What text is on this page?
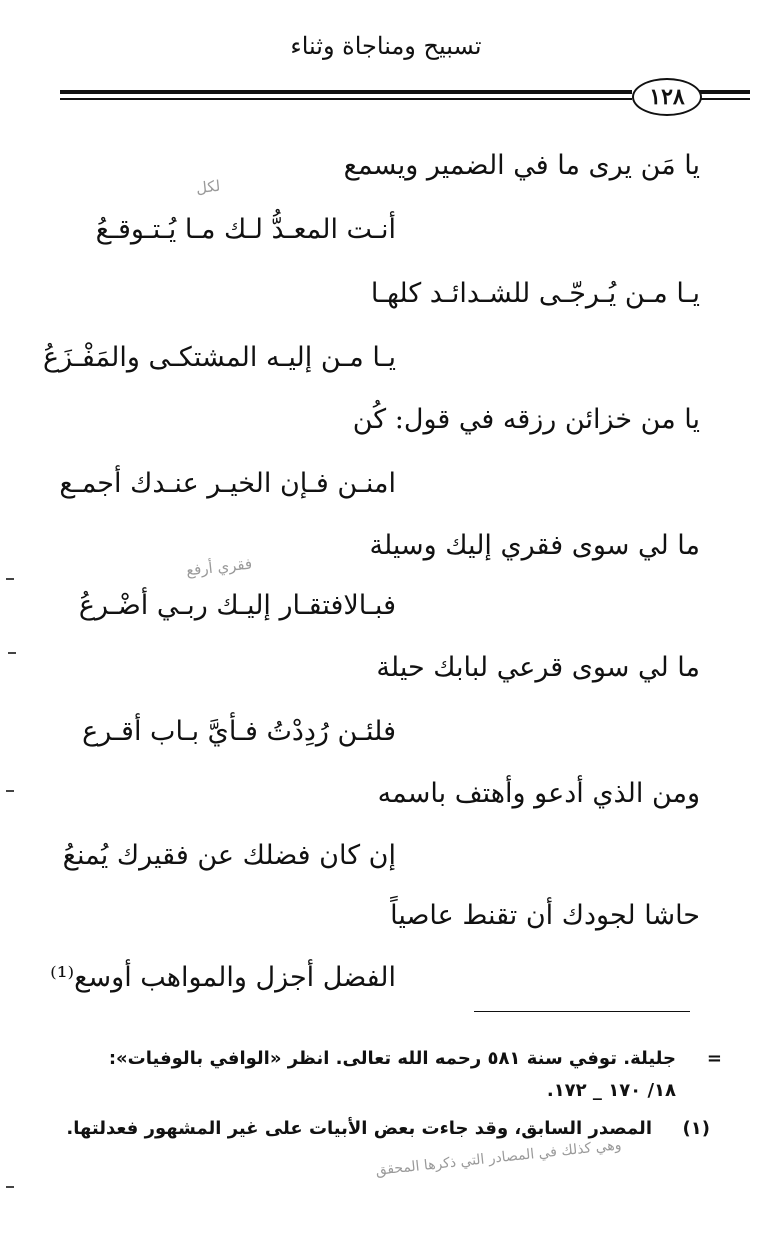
تسبيح ومناجاة وثناء
١٢٨
يا مَن يرى ما في الضمير ويسمع
لكل
أنـت المعـدُّ لـك مـا يُـتـوقـعُ
يـا مـن يُـرجّـى للشـدائـد كلهـا
يـا مـن إليـه المشتكـى والمَفْـزَعُ
يا من خزائن رزقه في قول: كُن
امنـن فـإن الخيـر عنـدك أجمـع
ما لي سوى فقري إليك وسيلة
فقري أرفع
فبـالافتقـار إليـك ربـي أضْـرعُ
ما لي سوى قرعي لبابك حيلة
فلئـن رُدِدْتُ فـأيَّ بـاب أقـرع
ومن الذي أدعو وأهتف باسمه
إن كان فضلك عن فقيرك يُمنعُ
حاشا لجودك أن تقنط عاصياً
الفضل أجزل والمواهب أوسع⁽¹⁾
=
جليلة. توفي سنة ٥٨١ رحمه الله تعالى. انظر «الوافي بالوفيات»:
١٨/ ١٧٠ _ ١٧٢.
(١)
المصدر السابق، وقد جاءت بعض الأبيات على غير المشهور فعدلتها.
وهي كذلك في المصادر التي ذكرها المحقق
